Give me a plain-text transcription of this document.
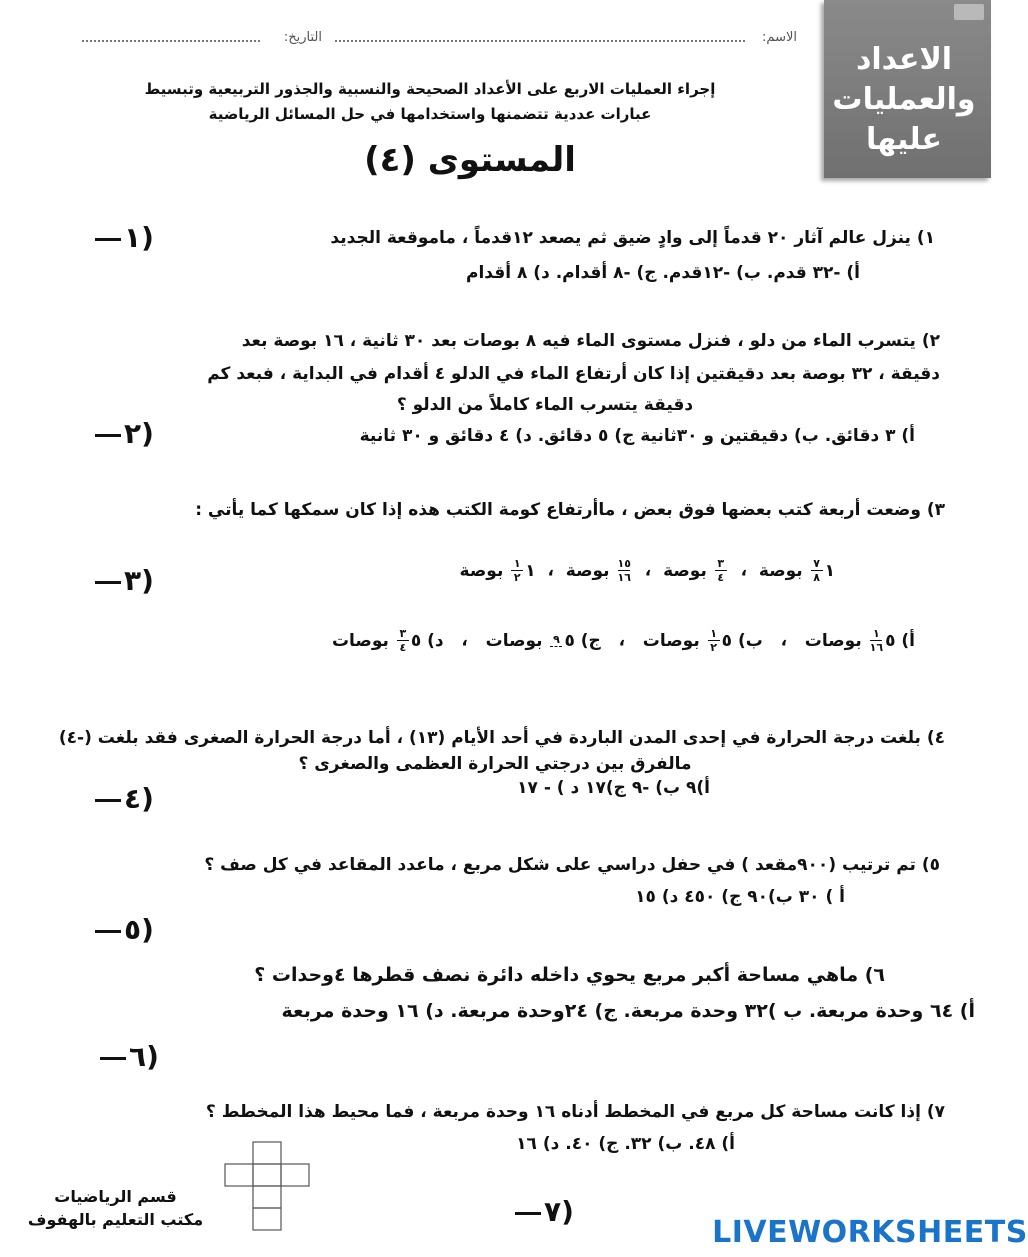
الاعداد والعمليات عليها
الاسم:
التاريخ:
إجراء العمليات الاربع على الأعداد الصحيحة والنسبية والجذور التربيعية وتبسيط
عبارات عددية تتضمنها واستخدامها في حل المسائل الرياضية
المستوى (٤)
١) ينزل عالم آثار ٢٠ قدماً إلى وادٍ ضيق ثم يصعد ١٢قدماً ، ماموقعة الجديد
أ) -٣٢ قدم. ب) -١٢قدم. ج) -٨ أقدام. د) ٨ أقدام
١)
٢) يتسرب الماء من دلو ، فنزل مستوى الماء فيه ٨ بوصات بعد ٣٠ ثانية ، ١٦ بوصة بعد
دقيقة ، ٣٢ بوصة بعد دقيقتين إذا كان أرتفاع الماء في الدلو ٤ أقدام في البداية ، فبعد كم
دقيقة يتسرب الماء كاملاً من الدلو ؟
أ) ٣ دقائق. ب) دقيقتين و ٣٠ثانية ج) ٥ دقائق. د) ٤ دقائق و ٣٠ ثانية
٢)
٣) وضعت أربعة كتب بعضها فوق بعض ، ماأرتفاع كومة الكتب هذه إذا كان سمكها كما يأتي :
١
$\frac{٧}{٨}$
بوصة  ،
$\frac{٣}{٤}$
بوصة  ،
$\frac{١٥}{١٦}$
بوصة  ،  ١
$\frac{١}{٢}$
بوصة
أ) ٥
$\frac{١}{١٦}$
بوصات   ،   ب) ٥
$\frac{١}{٢}$
بوصات   ،   ج) ٥
٩
بوصات   ،   د) ٥
$\frac{٣}{٤}$
بوصات
٣)
٤) بلغت درجة الحرارة في إحدى المدن الباردة في أحد الأيام (١٣) ، أما درجة الحرارة الصغرى فقد بلغت (-٤)
مالفرق بين درجتي الحرارة العظمى والصغرى ؟
أ)٩ ب) -٩ ج)١٧ د ) - ١٧
٤)
٥) تم ترتيب (٩٠٠مقعد ) في حفل دراسي على شكل مربع ، ماعدد المقاعد في كل صف ؟
أ ) ٣٠ ب)٩٠ ج) ٤٥٠ د) ١٥
٥)
٦) ماهي مساحة أكبر مربع يحوي داخله دائرة نصف قطرها ٤وحدات ؟
أ) ٦٤ وحدة مربعة. ب )٣٢ وحدة مربعة. ج) ٢٤وحدة مربعة. د) ١٦ وحدة مربعة
٦)
٧) إذا كانت مساحة كل مربع في المخطط أدناه ١٦ وحدة مربعة ، فما محيط هذا المخطط ؟
أ) ٤٨. ب) ٣٢. ج) ٤٠. د) ١٦
٧)
قسم الرياضيات
مكتب التعليم بالهفوف	LIVEWORKSHEETS
